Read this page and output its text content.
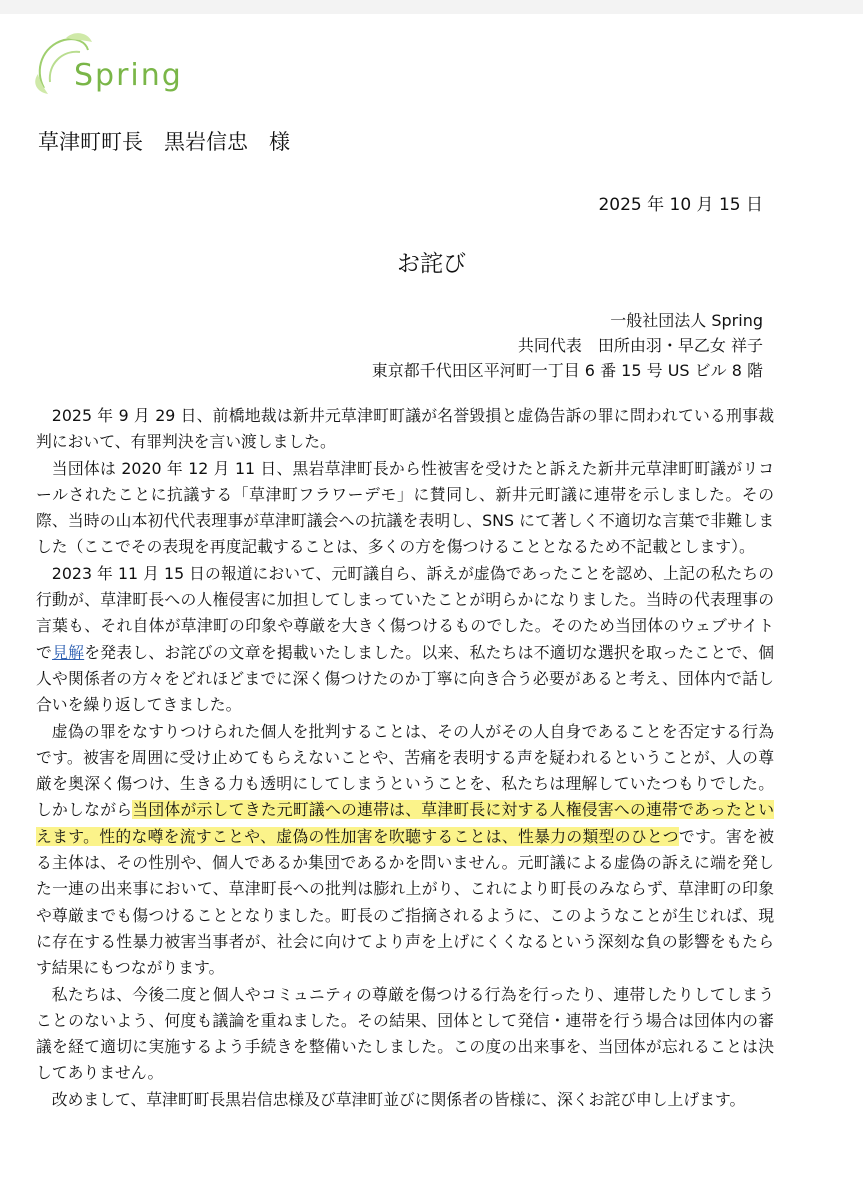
Spring
草津町町長　黒岩信忠　様
2025 年 10 月 15 日
お詫び
一般社団法人 Spring
共同代表　田所由羽・早乙女 祥子
東京都千代田区平河町一丁目 6 番 15 号 US ビル 8 階

2025 年 9 月 29 日、前橋地裁は新井元草津町町議が名誉毀損と虚偽告訴の罪に問われている刑事裁判において、有罪判決を言い渡しました。

当団体は 2020 年 12 月 11 日、黒岩草津町長から性被害を受けたと訴えた新井元草津町町議がリコールされたことに抗議する「草津町フラワーデモ」に賛同し、新井元町議に連帯を示しました。その際、当時の山本初代代表理事が草津町議会への抗議を表明し、SNS にて著しく不適切な言葉で非難しました（ここでその表現を再度記載することは、多くの方を傷つけることとなるため不記載とします）。

2023 年 11 月 15 日の報道において、元町議自ら、訴えが虚偽であったことを認め、上記の私たちの行動が、草津町長への人権侵害に加担してしまっていたことが明らかになりました。当時の代表理事の言葉も、それ自体が草津町の印象や尊厳を大きく傷つけるものでした。そのため当団体のウェブサイトで見解を発表し、お詫びの文章を掲載いたしました。以来、私たちは不適切な選択を取ったことで、個人や関係者の方々をどれほどまでに深く傷つけたのか丁寧に向き合う必要があると考え、団体内で話し合いを繰り返してきました。

虚偽の罪をなすりつけられた個人を批判することは、その人がその人自身であることを否定する行為です。被害を周囲に受け止めてもらえないことや、苦痛を表明する声を疑われるということが、人の尊厳を奥深く傷つけ、生きる力も透明にしてしまうということを、私たちは理解していたつもりでした。しかしながら当団体が示してきた元町議への連帯は、草津町長に対する人権侵害への連帯であったといえます。性的な噂を流すことや、虚偽の性加害を吹聴することは、性暴力の類型のひとつです。害を被る主体は、その性別や、個人であるか集団であるかを問いません。元町議による虚偽の訴えに端を発した一連の出来事において、草津町長への批判は膨れ上がり、これにより町長のみならず、草津町の印象や尊厳までも傷つけることとなりました。町長のご指摘されるように、このようなことが生じれば、現に存在する性暴力被害当事者が、社会に向けてより声を上げにくくなるという深刻な負の影響をもたらす結果にもつながります。

私たちは、今後二度と個人やコミュニティの尊厳を傷つける行為を行ったり、連帯したりしてしまうことのないよう、何度も議論を重ねました。その結果、団体として発信・連帯を行う場合は団体内の審議を経て適切に実施するよう手続きを整備いたしました。この度の出来事を、当団体が忘れることは決してありません。

改めまして、草津町町長黒岩信忠様及び草津町並びに関係者の皆様に、深くお詫び申し上げます。
